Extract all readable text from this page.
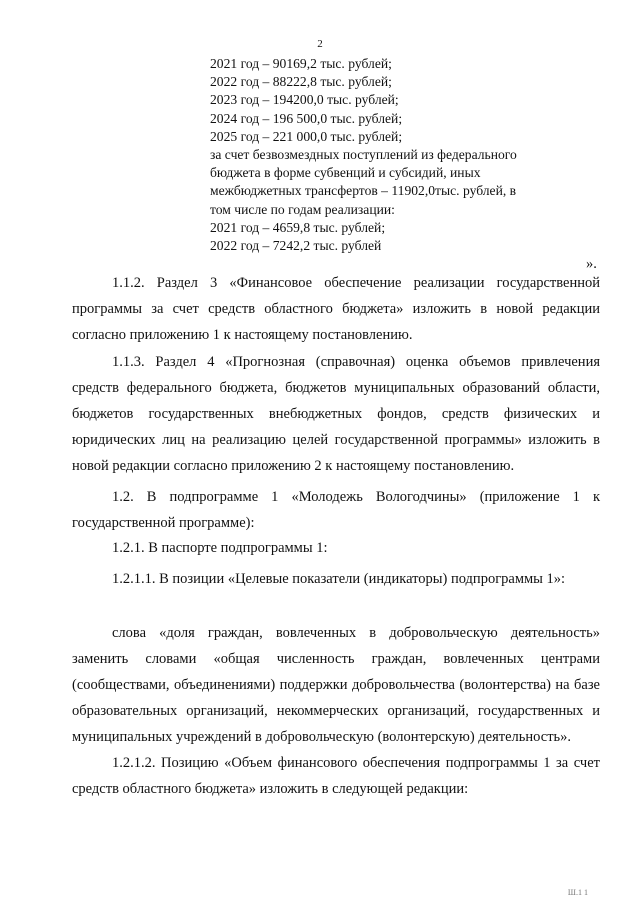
2
2021 год – 90169,2 тыс. рублей;
2022 год – 88222,8 тыс. рублей;
2023 год – 194200,0 тыс. рублей;
2024 год – 196 500,0 тыс. рублей;
2025 год – 221 000,0 тыс. рублей;
за счет безвозмездных поступлений из федерального
бюджета в форме субвенций и субсидий, иных
межбюджетных трансфертов – 11902,0тыс. рублей, в
том числе по годам реализации:
2021 год – 4659,8 тыс. рублей;
2022 год – 7242,2 тыс. рублей
».
1.1.2. Раздел 3 «Финансовое обеспечение реализации государственной программы за счет средств областного бюджета» изложить в новой редакции согласно приложению 1 к настоящему постановлению.
1.1.3. Раздел 4 «Прогнозная (справочная) оценка объемов привлечения средств федерального бюджета, бюджетов муниципальных образований области, бюджетов государственных внебюджетных фондов, средств физических и юридических лиц на реализацию целей государственной программы» изложить в новой редакции согласно приложению 2 к настоящему постановлению.
1.2. В подпрограмме 1 «Молодежь Вологодчины» (приложение 1 к государственной программе):
1.2.1. В паспорте подпрограммы 1:
1.2.1.1. В позиции «Целевые показатели (индикаторы) подпрограммы 1»:
слова «доля граждан, вовлеченных в добровольческую деятельность» заменить словами «общая численность граждан, вовлеченных центрами (сообществами, объединениями) поддержки добровольчества (волонтерства) на базе образовательных организаций, некоммерческих организаций, государственных и муниципальных учреждений в добровольческую (волонтерскую) деятельность».
1.2.1.2. Позицию «Объем финансового обеспечения подпрограммы 1 за счет средств областного бюджета» изложить в следующей редакции:
Ш.1 1
